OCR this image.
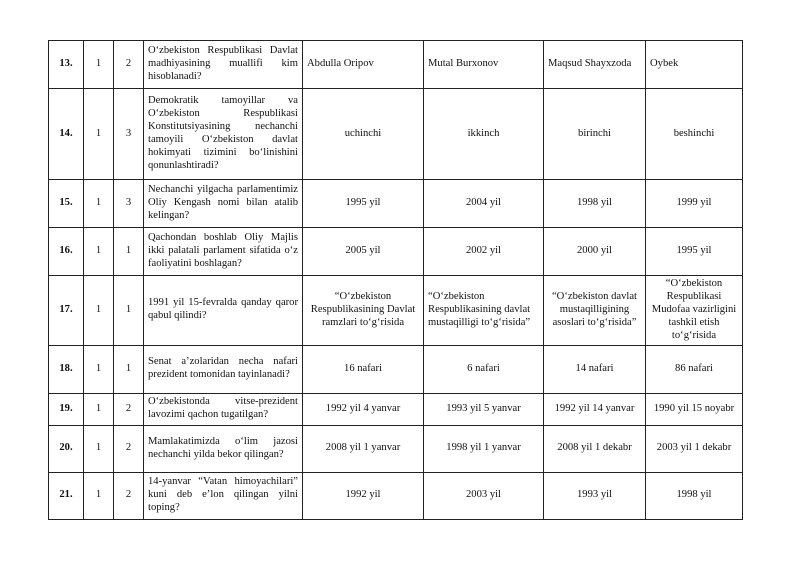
13.	1	2	O‘zbekiston Respublikasi Davlat madhiyasining muallifi kim hisoblanadi?	Abdulla Oripov	Mutal Burxonov	Maqsud Shayxzoda	Oybek
14.	1	3	Demokratik tamoyillar va O‘zbekiston Respublikasi Konstitutsiyasining nechanchi tamoyili O‘zbekiston davlat hokimyati tizimini bo‘linishini qonunlashtiradi?	uchinchi	ikkinch	birinchi	beshinchi
15.	1	3	Nechanchi yilgacha parlamentimiz Oliy Kengash nomi bilan atalib kelingan?	1995 yil	2004 yil	1998 yil	1999 yil
16.	1	1	Qachondan boshlab Oliy Majlis ikki palatali parlament sifatida o‘z faoliyatini boshlagan?	2005 yil	2002 yil	2000 yil	1995 yil
17.	1	1	1991 yil 15-fevralda qanday qaror qabul qilindi?	“O‘zbekiston Respublikasining Davlat ramzlari to‘g‘risida	“O‘zbekiston Respublikasining davlat mustaqilligi to‘g‘risida”	“O‘zbekiston davlat mustaqilligining asoslari to‘g‘risida”	“O‘zbekiston Respublikasi Mudofaa vazirligini tashkil etish to‘g‘risida
18.	1	1	Senat a’zolaridan necha nafari prezident tomonidan tayinlanadi?	16 nafari	6 nafari	14 nafari	86 nafari
19.	1	2	O‘zbekistonda vitse-prezident lavozimi qachon tugatilgan?	1992 yil 4 yanvar	1993 yil 5 yanvar	1992 yil 14 yanvar	1990 yil 15 noyabr
20.	1	2	Mamlakatimizda o‘lim jazosi nechanchi yilda bekor qilingan?	2008 yil 1 yanvar	1998 yil 1 yanvar	2008 yil 1 dekabr	2003 yil 1 dekabr
21.	1	2	14-yanvar “Vatan himoyachilari” kuni deb e’lon qilingan yilni toping?	1992 yil	2003 yil	1993 yil	1998 yil
